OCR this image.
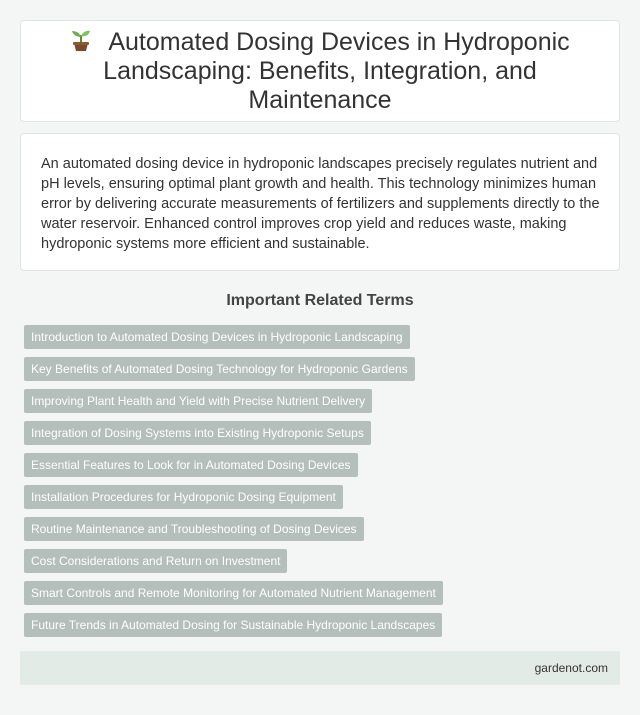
Automated Dosing Devices in Hydroponic Landscaping: Benefits, Integration, and Maintenance

An automated dosing device in hydroponic landscapes precisely regulates nutrient and pH levels, ensuring optimal plant growth and health. This technology minimizes human error by delivering accurate measurements of fertilizers and supplements directly to the water reservoir. Enhanced control improves crop yield and reduces waste, making hydroponic systems more efficient and sustainable.

Important Related Terms
Introduction to Automated Dosing Devices in Hydroponic Landscaping
Key Benefits of Automated Dosing Technology for Hydroponic Gardens
Improving Plant Health and Yield with Precise Nutrient Delivery
Integration of Dosing Systems into Existing Hydroponic Setups
Essential Features to Look for in Automated Dosing Devices
Installation Procedures for Hydroponic Dosing Equipment
Routine Maintenance and Troubleshooting of Dosing Devices
Cost Considerations and Return on Investment
Smart Controls and Remote Monitoring for Automated Nutrient Management
Future Trends in Automated Dosing for Sustainable Hydroponic Landscapes
gardenot.com
